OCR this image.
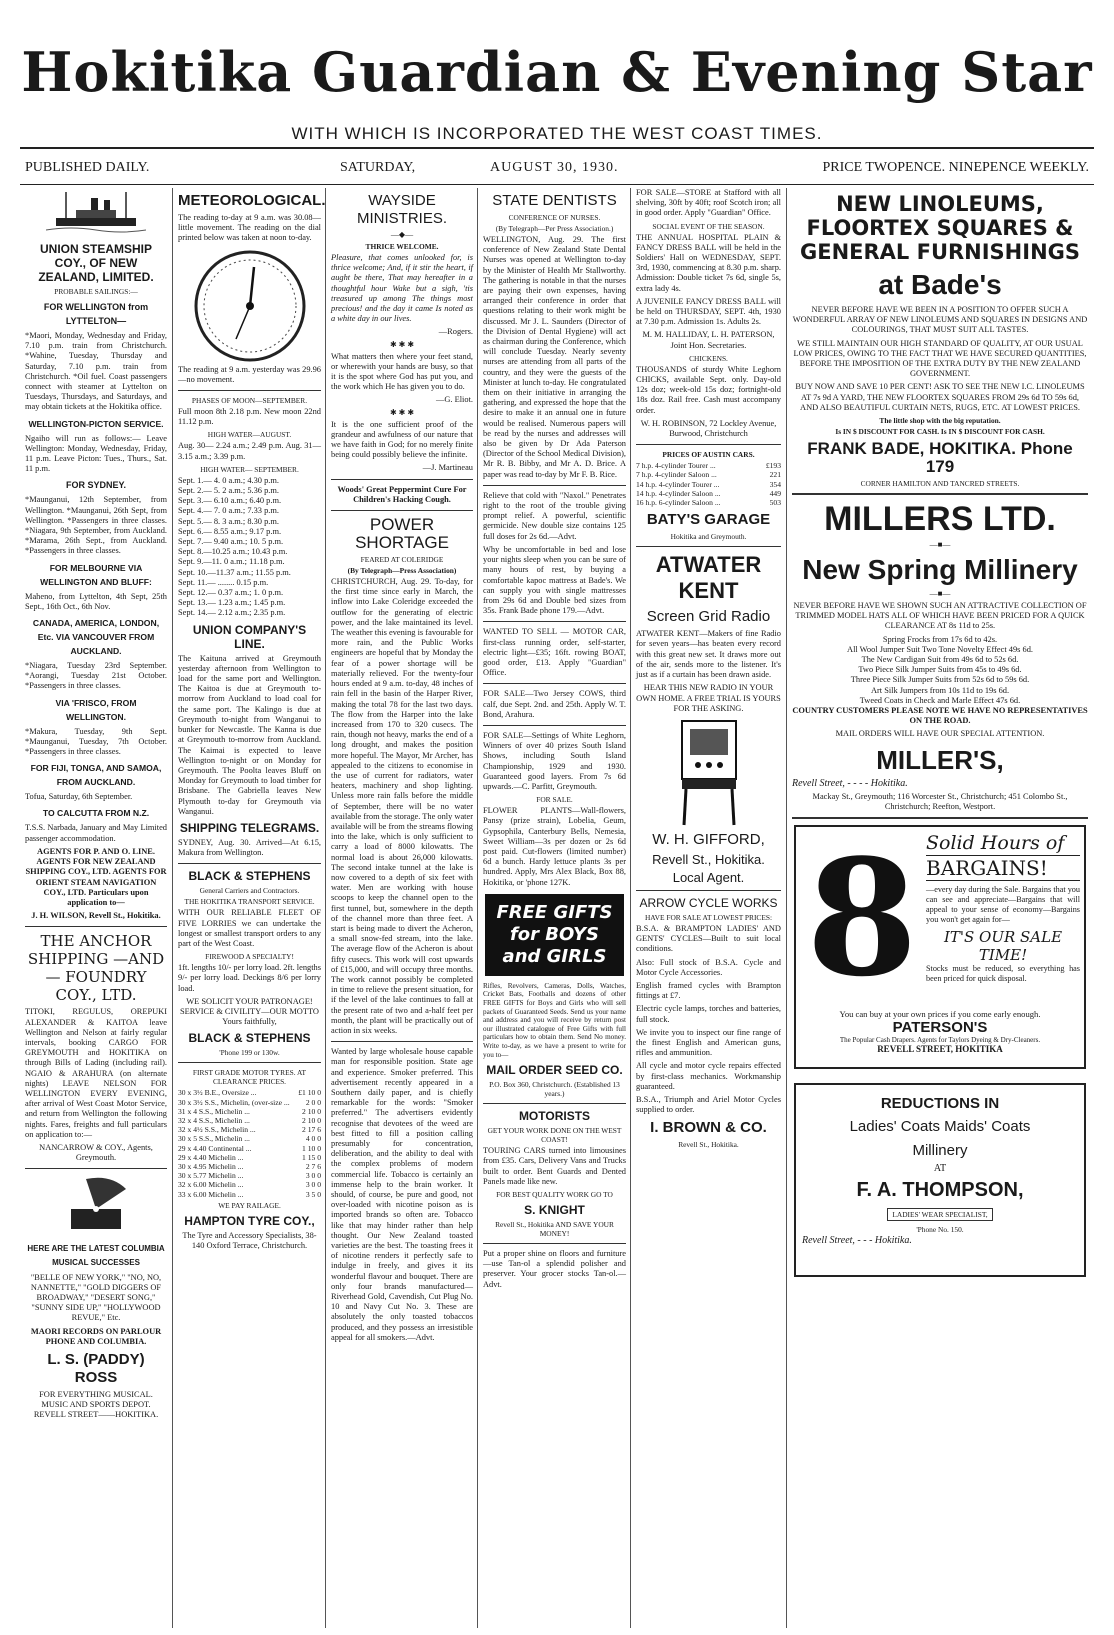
Hokitika Guardian & Evening Star
WITH WHICH IS INCORPORATED THE WEST COAST TIMES.
PUBLISHED DAILY.	SATURDAY,	AUGUST 30, 1930.	PRICE TWOPENCE. NINEPENCE WEEKLY.
UNION STEAMSHIP COY., OF NEW ZEALAND, LIMITED.
PROBABLE SAILINGS:—
FOR WELLINGTON from LYTTELTON—

*Maori, Monday, Wednesday and Friday, 7.10 p.m. train from Christchurch. *Wahine, Tuesday, Thursday and Saturday, 7.10 p.m. train from Christchurch. *Oil fuel. Coast passengers connect with steamer at Lyttelton on Tuesdays, Thursdays, and Saturdays, and may obtain tickets at the Hokitika office.

WELLINGTON-PICTON SERVICE.

Ngaiho will run as follows:— Leave Wellington: Monday, Wednesday, Friday, 11 p.m. Leave Picton: Tues., Thurs., Sat. 11 p.m.

FOR SYDNEY.

*Maunganui, 12th September, from Wellington. *Maunganui, 26th Sept, from Wellington. *Passengers in three classes. *Niagara, 9th September, from Auckland. *Marama, 26th Sept., from Auckland. *Passengers in three classes.

FOR MELBOURNE VIA WELLINGTON AND BLUFF:

Maheno, from Lyttelton, 4th Sept, 25th Sept., 16th Oct., 6th Nov.

CANADA, AMERICA, LONDON, Etc. VIA VANCOUVER FROM AUCKLAND.

*Niagara, Tuesday 23rd September. *Aorangi, Tuesday 21st October. *Passengers in three classes.

VIA 'FRISCO, FROM WELLINGTON.

*Makura, Tuesday, 9th Sept. *Maunganui, Tuesday, 7th October. *Passengers in three classes.

FOR FIJI, TONGA, AND SAMOA, FROM AUCKLAND.

Tofua, Saturday, 6th September.

TO CALCUTTA FROM N.Z.

T.S.S. Narbada, January and May Limited passenger accommodation.

AGENTS FOR P. AND O. LINE. AGENTS FOR NEW ZEALAND SHIPPING COY., LTD. AGENTS FOR ORIENT STEAM NAVIGATION COY., LTD. Particulars upon application to—

J. H. WILSON, Revell St., Hokitika.

THE ANCHOR SHIPPING —AND— FOUNDRY COY., LTD.

TITOKI, REGULUS, OREPUKI ALEXANDER & KAITOA leave Wellington and Nelson at fairly regular intervals, booking CARGO FOR GREYMOUTH and HOKITIKA on through Bills of Lading (including rail). NGAIO & ARAHURA (on alternate nights) LEAVE NELSON FOR WELLINGTON EVERY EVENING, after arrival of West Coast Motor Service, and return from Wellington the following nights. Fares, freights and full particulars on application to:—

NANCARROW & COY., Agents, Greymouth.

HERE ARE THE LATEST COLUMBIA MUSICAL SUCCESSES

"BELLE OF NEW YORK," "NO, NO, NANNETTE," "GOLD DIGGERS OF BROADWAY," "DESERT SONG," "SUNNY SIDE UP," "HOLLYWOOD REVUE," Etc.

MAORI RECORDS ON PARLOUR PHONE AND COLUMBIA.

L. S. (PADDY) ROSS

FOR EVERYTHING MUSICAL. MUSIC AND SPORTS DEPOT. REVELL STREET——HOKITIKA.

METEOROLOGICAL.

The reading to-day at 9 a.m. was 30.08—little movement. The reading on the dial printed below was taken at noon to-day.

The reading at 9 a.m. yesterday was 29.96—no movement.

PHASES OF MOON—SEPTEMBER.

Full moon 8th 2.18 p.m. New moon 22nd 11.12 p.m.

HIGH WATER—AUGUST.

Aug. 30— 2.24 a.m.; 2.49 p.m. Aug. 31— 3.15 a.m.; 3.39 p.m.

HIGH WATER— SEPTEMBER.
Sept. 1.— 4. 0 a.m.; 4.30 p.m.
Sept. 2.— 5. 2 a.m.; 5.36 p.m.
Sept. 3.— 6.10 a.m.; 6.40 p.m.
Sept. 4.— 7. 0 a.m.; 7.33 p.m.
Sept. 5.— 8. 3 a.m.; 8.30 p.m.
Sept. 6.— 8.55 a.m.; 9.17 p.m.
Sept. 7.— 9.40 a.m.; 10. 5 p.m.
Sept. 8.—10.25 a.m.; 10.43 p.m.
Sept. 9.—11. 0 a.m.; 11.18 p.m.
Sept. 10.—11.37 a.m.; 11.55 p.m.
Sept. 11.— ........ 0.15 p.m.
Sept. 12.— 0.37 a.m.; 1. 0 p.m.
Sept. 13.— 1.23 a.m.; 1.45 p.m.
Sept. 14.— 2.12 a.m.; 2.35 p.m.
UNION COMPANY'S LINE.

The Kaituna arrived at Greymouth yesterday afternoon from Wellington to load for the same port and Wellington. The Kaitoa is due at Greymouth to-morrow from Auckland to load coal for the same port. The Kalingo is due at Greymouth to-night from Wanganui to bunker for Newcastle. The Kanna is due at Greymouth to-morrow from Auckland. The Kaimai is expected to leave Wellington to-night or on Monday for Greymouth. The Poolta leaves Bluff on Monday for Greymouth to load timber for Brisbane. The Gabriella leaves New Plymouth to-day for Greymouth via Wanganui.

SHIPPING TELEGRAMS.

SYDNEY, Aug. 30. Arrived—At 6.15, Makura from Wellington.

BLACK & STEPHENS
General Carriers and Contractors.
THE HOKITIKA TRANSPORT SERVICE.

WITH OUR RELIABLE FLEET OF FIVE LORRIES we can undertake the longest or smallest transport orders to any part of the West Coast.

FIREWOOD A SPECIALTY!

1ft. lengths 10/- per lorry load. 2ft. lengths 9/- per lorry load. Deckings 8/6 per lorry load.

WE SOLICIT YOUR PATRONAGE! SERVICE & CIVILITY—OUR MOTTO Yours faithfully,

BLACK & STEPHENS
'Phone 199 or 130w.
FIRST GRADE MOTOR TYRES. AT CLEARANCE PRICES.
30 x 3½ B.E., Oversize ...	£1 10 0
30 x 3½ S.S., Michelin, (over-size ...	2 0 0
31 x 4 S.S., Michelin ...	2 10 0
32 x 4 S.S., Michelin ...	2 10 0
32 x 4½ S.S., Michelin ...	2 17 6
30 x 5 S.S., Michelin ...	4 0 0
29 x 4.40 Continental ...	1 10 0
29 x 4.40 Michelin ...	1 15 0
30 x 4.95 Michelin ...	2 7 6
30 x 5.77 Michelin ...	3 0 0
32 x 6.00 Michelin ...	3 0 0
33 x 6.00 Michelin ...	3 5 0
WE PAY RAILAGE.
HAMPTON TYRE COY.,

The Tyre and Accessory Specialists, 38-140 Oxford Terrace, Christchurch.

WAYSIDE MINISTRIES.
—◆—
THRICE WELCOME.

Pleasure, that comes unlooked for, is thrice welcome; And, if it stir the heart, if aught be there, That may hereafter in a thoughtful hour Wake but a sigh, 'tis treasured up among The things most precious! and the day it came Is noted as a white day in our lives.

—Rogers.

✱ ✱ ✱

What matters then where your feet stand, or wherewith your hands are busy, so that it is the spot where God has put you, and the work which He has given you to do.

—G. Eliot.

✱ ✱ ✱

It is the one sufficient proof of the grandeur and awfulness of our nature that we have faith in God; for no merely finite being could possibly believe the infinite.

—J. Martineau

Woods' Great Peppermint Cure For Children's Hacking Cough.

POWER SHORTAGE
FEARED AT COLERIDGE
(By Telegraph—Press Association)

CHRISTCHURCH, Aug. 29. To-day, for the first time since early in March, the inflow into Lake Coleridge exceeded the outflow for the generating of electric power, and the lake maintained its level. The weather this evening is favourable for more rain, and the Public Works engineers are hopeful that by Monday the fear of a power shortage will be materially relieved. For the twenty-four hours ended at 9 a.m. to-day, 48 inches of rain fell in the basin of the Harper River, making the total 78 for the last two days. The flow from the Harper into the lake increased from 170 to 320 cusecs. The rain, though not heavy, marks the end of a long drought, and makes the position more hopeful. The Mayor, Mr Archer, has appealed to the citizens to economise in the use of current for radiators, water heaters, machinery and shop lighting. Unless more rain falls before the middle of September, there will be no water available from the storage. The only water available will be from the streams flowing into the lake, which is only sufficient to carry a load of 8000 kilowatts. The normal load is about 26,000 kilowatts. The second intake tunnel at the lake is now covered to a depth of six feet with water. Men are working with house scoops to keep the channel open to the first tunnel, but, somewhere in the depth of the channel more than three feet. A start is being made to divert the Acheron, a small snow-fed stream, into the lake. The average flow of the Acheron is about fifty cusecs. This work will cost upwards of £15,000, and will occupy three months. The work cannot possibly be completed in time to relieve the present situation, for if the level of the lake continues to fall at the present rate of two and a-half feet per month, the plant will be practically out of action in six weeks.

Wanted by large wholesale house capable man for responsible position. State age and experience. Smoker preferred. This advertisement recently appeared in a Southern daily paper, and is chiefly remarkable for the words: "Smoker preferred." The advertisers evidently recognise that devotees of the weed are best fitted to fill a position calling presumably for concentration, deliberation, and the ability to deal with the complex problems of modern commercial life. Tobacco is certainly an immense help to the brain worker. It should, of course, be pure and good, not over-loaded with nicotine poison as is imported brands so often are. Tobacco like that may hinder rather than help thought. Our New Zealand toasted varieties are the best. The toasting frees it of nicotine renders it perfectly safe to indulge in freely, and gives it its wonderful flavour and bouquet. There are only four brands manufactured—Riverhead Gold, Cavendish, Cut Plug No. 10 and Navy Cut No. 3. These are absolutely the only toasted tobaccos produced, and they possess an irresistible appeal for all smokers.—Advt.

STATE DENTISTS
CONFERENCE OF NURSES.
(By Telegraph—Per Press Association.)

WELLINGTON, Aug. 29. The first conference of New Zealand State Dental Nurses was opened at Wellington to-day by the Minister of Health Mr Stallworthy. The gathering is notable in that the nurses are paying their own expenses, having arranged their conference in order that questions relating to their work might be discussed. Mr J. L. Saunders (Director of the Division of Dental Hygiene) will act as chairman during the Conference, which will conclude Tuesday. Nearly seventy nurses are attending from all parts of the country, and they were the guests of the Minister at lunch to-day. He congratulated them on their initiative in arranging the gathering, and expressed the hope that the desire to make it an annual one in future would be realised. Numerous papers will be read by the nurses and addresses will also be given by Dr Ada Paterson (Director of the School Medical Division), Mr R. B. Bibby, and Mr A. D. Brice. A paper was read to-day by Mr F. B. Rice.

Relieve that cold with "Naxol." Penetrates right to the root of the trouble giving prompt relief. A powerful, scientific germicide. New double size contains 125 full doses for 2s 6d.—Advt.

Why be uncomfortable in bed and lose your nights sleep when you can be sure of many hours of rest, by buying a comfortable kapoc mattress at Bade's. We can supply you with single mattresses from 29s 6d and Double bed sizes from 35s. Frank Bade phone 179.—Advt.

WANTED TO SELL — MOTOR CAR, first-class running order, self-starter, electric light—£35; 16ft. rowing BOAT, good order, £13. Apply "Guardian" Office.

FOR SALE—Two Jersey COWS, third calf, due Sept. 2nd. and 25th. Apply W. T. Bond, Arahura.

FOR SALE—Settings of White Leghorn, Winners of over 40 prizes South Island Shows, including South Island Championship, 1929 and 1930. Guaranteed good layers. From 7s 6d upwards.—C. Parfitt, Greymouth.

FOR SALE.

FLOWER PLANTS—Wall-flowers, Pansy (prize strain), Lobelia, Geum, Gypsophila, Canterbury Bells, Nemesia, Sweet William—3s per dozen or 2s 6d post paid. Cut-flowers (limited number) 6d a bunch. Hardy lettuce plants 3s per hundred. Apply, Mrs Alex Black, Box 88, Hokitika, or 'phone 127K.

FREE GIFTS for BOYS and GIRLS

Rifles, Revolvers, Cameras, Dolls, Watches, Cricket Bats, Footballs and dozens of other FREE GIFTS for Boys and Girls who will sell packets of Guaranteed Seeds. Send us your name and address and you will receive by return post our illustrated catalogue of Free Gifts with full particulars how to obtain them. Send No money. Write to-day, as we have a present to write for you to—

MAIL ORDER SEED CO.
P.O. Box 360, Christchurch. (Established 13 years.)
MOTORISTS
GET YOUR WORK DONE ON THE WEST COAST!

TOURING CARS turned into limousines from £35. Cars, Delivery Vans and Trucks built to order. Bent Guards and Dented Panels made like new.

FOR BEST QUALITY WORK GO TO
S. KNIGHT
Revell St., Hokitika AND SAVE YOUR MONEY!

Put a proper shine on floors and furniture—use Tan-ol a splendid polisher and preserver. Your grocer stocks Tan-ol.—Advt.

FOR SALE—STORE at Stafford with all shelving, 30ft by 40ft; roof Scotch iron; all in good order. Apply "Guardian" Office.

SOCIAL EVENT OF THE SEASON.

THE ANNUAL HOSPITAL PLAIN & FANCY DRESS BALL will be held in the Soldiers' Hall on WEDNESDAY, SEPT. 3rd, 1930, commencing at 8.30 p.m. sharp. Admission: Double ticket 7s 6d, single 5s, extra lady 4s.

A JUVENILE FANCY DRESS BALL will be held on THURSDAY, SEPT. 4th, 1930 at 7.30 p.m. Admission 1s. Adults 2s.

M. M. HALLIDAY, L. H. PATERSON, Joint Hon. Secretaries.

CHICKENS.

THOUSANDS of sturdy White Leghorn CHICKS, available Sept. only. Day-old 12s doz; week-old 15s doz; fortnight-old 18s doz. Rail free. Cash must accompany order.

W. H. ROBINSON, 72 Lockley Avenue, Burwood, Christchurch

PRICES OF AUSTIN CARS.
7 h.p. 4-cylinder Tourer ...	£193
7 h.p. 4-cylinder Saloon ...	221
14 h.p. 4-cylinder Tourer ...	354
14 h.p. 4-cylinder Saloon ...	449
16 h.p. 6-cylinder Saloon ...	503
BATY'S GARAGE
Hokitika and Greymouth.
ATWATER KENT
Screen Grid Radio

ATWATER KENT—Makers of fine Radio for seven years—has beaten every record with this great new set. It draws more out of the air, sends more to the listener. It's just as if a curtain has been drawn aside.

HEAR THIS NEW RADIO IN YOUR OWN HOME. A FREE TRIAL IS YOURS FOR THE ASKING.

W. H. GIFFORD,
Revell St., Hokitika.
Local Agent.
ARROW CYCLE WORKS
HAVE FOR SALE AT LOWEST PRICES:

B.S.A. & BRAMPTON LADIES' AND GENTS' CYCLES—Built to suit local conditions.

Also: Full stock of B.S.A. Cycle and Motor Cycle Accessories.

English framed cycles with Brampton fittings at £7.

Electric cycle lamps, torches and batteries, full stock.

We invite you to inspect our fine range of the finest English and American guns, rifles and ammunition.

All cycle and motor cycle repairs effected by first-class mechanics. Workmanship guaranteed.

B.S.A., Triumph and Ariel Motor Cycles supplied to order.

I. BROWN & CO.
Revell St., Hokitika.
NEW LINOLEUMS, FLOORTEX SQUARES & GENERAL FURNISHINGS
at Bade's

NEVER BEFORE HAVE WE BEEN IN A POSITION TO OFFER SUCH A WONDERFUL ARRAY OF NEW LINOLEUMS AND SQUARES IN DESIGNS AND COLOURINGS, THAT MUST SUIT ALL TASTES.

WE STILL MAINTAIN OUR HIGH STANDARD OF QUALITY, AT OUR USUAL LOW PRICES, OWING TO THE FACT THAT WE HAVE SECURED QUANTITIES, BEFORE THE IMPOSITION OF THE EXTRA DUTY BY THE NEW ZEALAND GOVERNMENT.

BUY NOW AND SAVE 10 PER CENT! ASK TO SEE THE NEW I.C. LINOLEUMS AT 7s 9d A YARD, THE NEW FLOORTEX SQUARES FROM 29s 6d TO 59s 6d, AND ALSO BEAUTIFUL CURTAIN NETS, RUGS, ETC. AT LOWEST PRICES.

The little shop with the big reputation.
Is IN $ DISCOUNT FOR CASH. Is IN $ DISCOUNT FOR CASH.
FRANK BADE, HOKITIKA. Phone 179
CORNER HAMILTON AND TANCRED STREETS.
MILLERS LTD.
—■—
New Spring Millinery
—■—

NEVER BEFORE HAVE WE SHOWN SUCH AN ATTRACTIVE COLLECTION OF TRIMMED MODEL HATS ALL OF WHICH HAVE BEEN PRICED FOR A QUICK CLEARANCE AT 8s 11d to 25s.

Spring Frocks from 17s 6d to 42s.
All Wool Jumper Suit Two Tone Novelty Effect 49s 6d.
The New Cardigan Suit from 49s 6d to 52s 6d.
Two Piece Silk Jumper Suits from 45s to 49s 6d.
Three Piece Silk Jumper Suits from 52s 6d to 59s 6d.
Art Silk Jumpers from 10s 11d to 19s 6d.
Tweed Coats in Check and Marle Effect 47s 6d.

COUNTRY CUSTOMERS PLEASE NOTE WE HAVE NO REPRESENTATIVES ON THE ROAD.

MAIL ORDERS WILL HAVE OUR SPECIAL ATTENTION.

MILLER'S,

Revell Street, - - - - Hokitika.

Mackay St., Greymouth; 116 Worcester St., Christchurch; 451 Colombo St., Christchurch; Reefton, Westport.

8 Solid Hours of
BARGAINS!

—every day during the Sale. Bargains that you can see and appreciate—Bargains that will appeal to your sense of economy—Bargains you won't get again for—

IT'S OUR SALE TIME!

Stocks must be reduced, so everything has been priced for quick disposal.

You can buy at your own prices if you come early enough.
PATERSON'S
The Popular Cash Drapers. Agents for Taylors Dyeing & Dry-Cleaners.
REVELL STREET, HOKITIKA
REDUCTIONS IN
Ladies' Coats Maids' Coats
Millinery
AT
F. A. THOMPSON,
LADIES' WEAR SPECIALIST,
'Phone No. 150.

Revell Street, - - - Hokitika.
